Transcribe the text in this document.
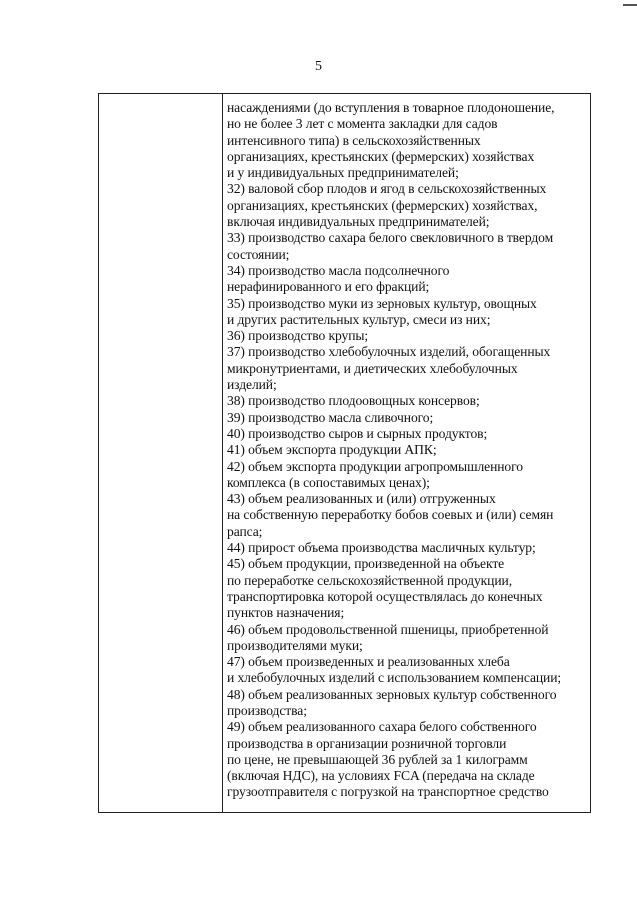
5

насаждениями (до вступления в товарное плодоношение,
но не более 3 лет с момента закладки для садов
интенсивного типа) в сельскохозяйственных
организациях, крестьянских (фермерских) хозяйствах
и у индивидуальных предпринимателей;
32) валовой сбор плодов и ягод в сельскохозяйственных
организациях, крестьянских (фермерских) хозяйствах,
включая индивидуальных предпринимателей;
33) производство сахара белого свекловичного в твердом
состоянии;
34) производство масла подсолнечного
нерафинированного и его фракций;
35) производство муки из зерновых культур, овощных
и других растительных культур, смеси из них;
36) производство крупы;
37) производство хлебобулочных изделий, обогащенных
микронутриентами, и диетических хлебобулочных
изделий;
38) производство плодоовощных консервов;
39) производство масла сливочного;
40) производство сыров и сырных продуктов;
41) объем экспорта продукции АПК;
42) объем экспорта продукции агропромышленного
комплекса (в сопоставимых ценах);
43) объем реализованных и (или) отгруженных
на собственную переработку бобов соевых и (или) семян
рапса;
44) прирост объема производства масличных культур;
45) объем продукции, произведенной на объекте
по переработке сельскохозяйственной продукции,
транспортировка которой осуществлялась до конечных
пунктов назначения;
46) объем продовольственной пшеницы, приобретенной
производителями муки;
47) объем произведенных и реализованных хлеба
и хлебобулочных изделий с использованием компенсации;
48) объем реализованных зерновых культур собственного
производства;
49) объем реализованного сахара белого собственного
производства в организации розничной торговли
по цене, не превышающей 36 рублей за 1 килограмм
(включая НДС), на условиях FCA (передача на складе
грузоотправителя с погрузкой на транспортное средство
